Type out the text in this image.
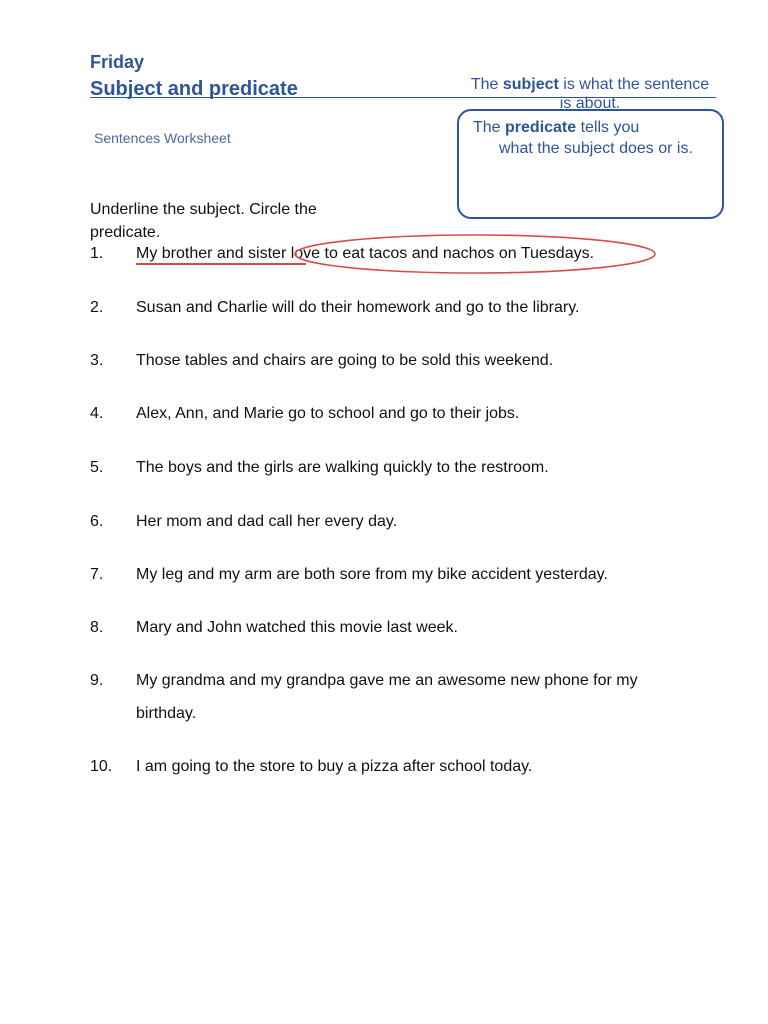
Friday
Subject and predicate
Sentences Worksheet
The subject is what the sentence is about.
The predicate tells you
what the subject does or is.
Underline the subject. Circle the predicate.
1.	My brother and sister love to eat tacos and nachos on Tuesdays.
2.	Susan and Charlie will do their homework and go to the library.
3.	Those tables and chairs are going to be sold this weekend.
4.	Alex, Ann, and Marie go to school and go to their jobs.
5.	The boys and the girls are walking quickly to the restroom.
6.	Her mom and dad call her every day.
7.	My leg and my arm are both sore from my bike accident yesterday.
8.	Mary and John watched this movie last week.
9.	My grandma and my grandpa gave me an awesome new phone for my birthday.
10.	I am going to the store to buy a pizza after school today.
